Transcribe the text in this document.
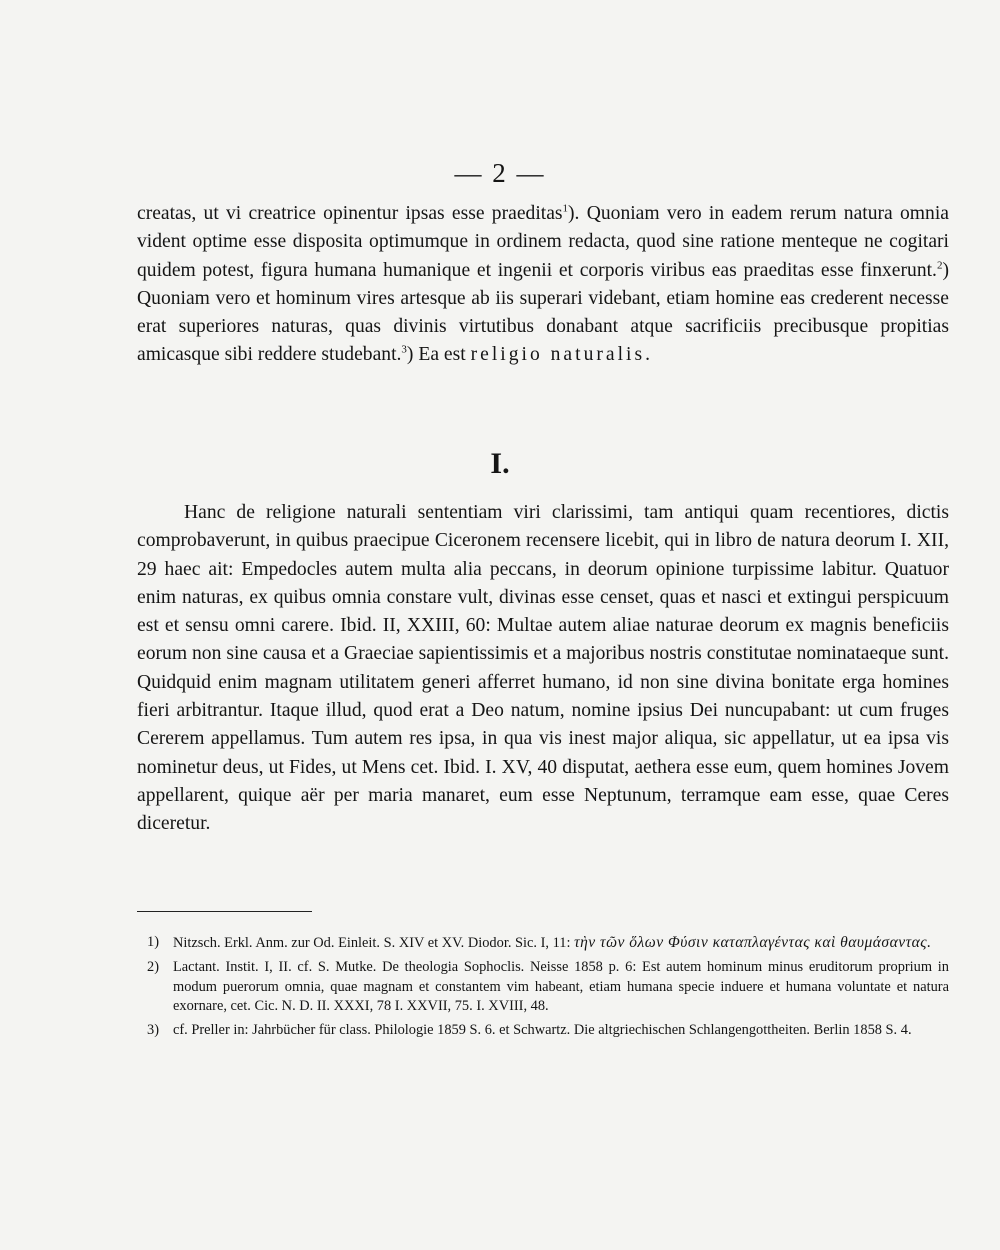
— 2 —

creatas, ut vi creatrice opinentur ipsas esse praeditas$^1$). Quoniam vero in eadem rerum natura omnia vident optime esse disposita optimumque in ordinem redacta, quod sine ratione menteque ne cogitari quidem potest, figura humana humanique et ingenii et corporis viribus eas praeditas esse finxerunt.$^2$) Quoniam vero et hominum vires artesque ab iis superari videbant, etiam homine eas crederent necesse erat superiores naturas, quas divinis virtutibus donabant atque sacrificiis precibusque propitias amicasque sibi reddere studebant.$^3$) Ea est religio naturalis.

I.

Hanc de religione naturali sententiam viri clarissimi, tam antiqui quam recentiores, dictis comprobaverunt, in quibus praecipue Ciceronem recensere licebit, qui in libro de natura deorum I. XII, 29 haec ait: Empedocles autem multa alia peccans, in deorum opinione turpissime labitur. Quatuor enim naturas, ex quibus omnia constare vult, divinas esse censet, quas et nasci et extingui perspicuum est et sensu omni carere. Ibid. II, XXIII, 60: Multae autem aliae naturae deorum ex magnis beneficiis eorum non sine causa et a Graeciae sapientissimis et a majoribus nostris constitutae nominataeque sunt. Quidquid enim magnam utilitatem generi afferret humano, id non sine divina bonitate erga homines fieri arbitrantur. Itaque illud, quod erat a Deo natum, nomine ipsius Dei nuncupabant: ut cum fruges Cererem appellamus. Tum autem res ipsa, in qua vis inest major aliqua, sic appellatur, ut ea ipsa vis nominetur deus, ut Fides, ut Mens cet. Ibid. I. XV, 40 disputat, aethera esse eum, quem homines Jovem appellarent, quique aër per maria manaret, eum esse Neptunum, terramque eam esse, quae Ceres diceretur.

1) Nitzsch. Erkl. Anm. zur Od. Einleit. S. XIV et XV. Diodor. Sic. I, 11: τὴν τῶν ὅλων Φύσιν καταπλαγέντας καὶ θαυμάσαντας.
2) Lactant. Instit. I, II. cf. S. Mutke. De theologia Sophoclis. Neisse 1858 p. 6: Est autem hominum minus eruditorum proprium in modum puerorum omnia, quae magnam et constantem vim habeant, etiam humana specie induere et humana voluntate et natura exornare, cet. Cic. N. D. II. XXXI, 78 I. XXVII, 75. I. XVIII, 48.
3) cf. Preller in: Jahrbücher für class. Philologie 1859 S. 6. et Schwartz. Die altgriechischen Schlangengottheiten. Berlin 1858 S. 4.
